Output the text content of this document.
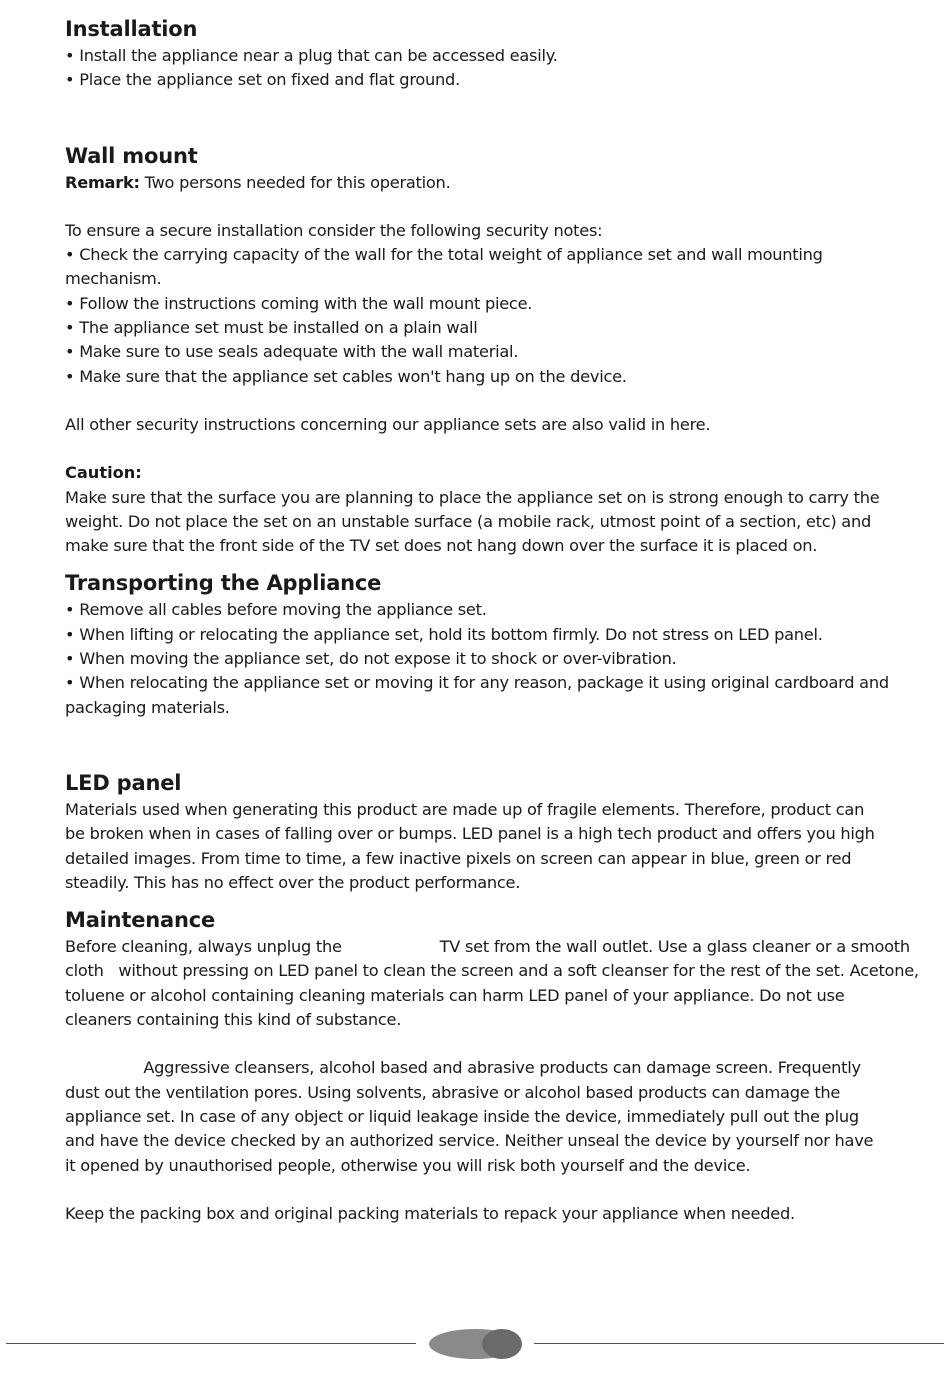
Installation

• Install the appliance near a plug that can be accessed easily.

• Place the appliance set on fixed and flat ground.

Wall mount

Remark: Two persons needed for this operation.

To ensure a secure installation consider the following security notes:

• Check the carrying capacity of the wall for the total weight of appliance set and wall mounting

mechanism.

• Follow the instructions coming with the wall mount piece.

• The appliance set must be installed on a plain wall

• Make sure to use seals adequate with the wall material.

• Make sure that the appliance set cables won't hang up on the device.

All other security instructions concerning our appliance sets are also valid in here.

Caution:

Make sure that the surface you are planning to place the appliance set on is strong enough to carry the

weight. Do not place the set on an unstable surface (a mobile rack, utmost point of a section, etc) and

make sure that the front side of the TV set does not hang down over the surface it is placed on.

Transporting the Appliance

• Remove all cables before moving the appliance set.

• When lifting or relocating the appliance set, hold its bottom firmly. Do not stress on LED panel.

• When moving the appliance set, do not expose it to shock or over-vibration.

• When relocating the appliance set or moving it for any reason, package it using original cardboard and

packaging materials.

LED panel

Materials used when generating this product are made up of fragile elements. Therefore, product can

be broken when in cases of falling over or bumps. LED panel is a high tech product and offers you high

detailed images. From time to time, a few inactive pixels on screen can appear in blue, green or red

steadily. This has no effect over the product performance.

Maintenance

Before cleaning, always unplug the                    TV set from the wall outlet. Use a glass cleaner or a smooth

cloth   without pressing on LED panel to clean the screen and a soft cleanser for the rest of the set. Acetone,

toluene or alcohol containing cleaning materials can harm LED panel of your appliance. Do not use

cleaners containing this kind of substance.

Aggressive cleansers, alcohol based and abrasive products can damage screen. Frequently

dust out the ventilation pores. Using solvents, abrasive or alcohol based products can damage the

appliance set. In case of any object or liquid leakage inside the device, immediately pull out the plug

and have the device checked by an authorized service. Neither unseal the device by yourself nor have

it opened by unauthorised people, otherwise you will risk both yourself and the device.

Keep the packing box and original packing materials to repack your appliance when needed.
